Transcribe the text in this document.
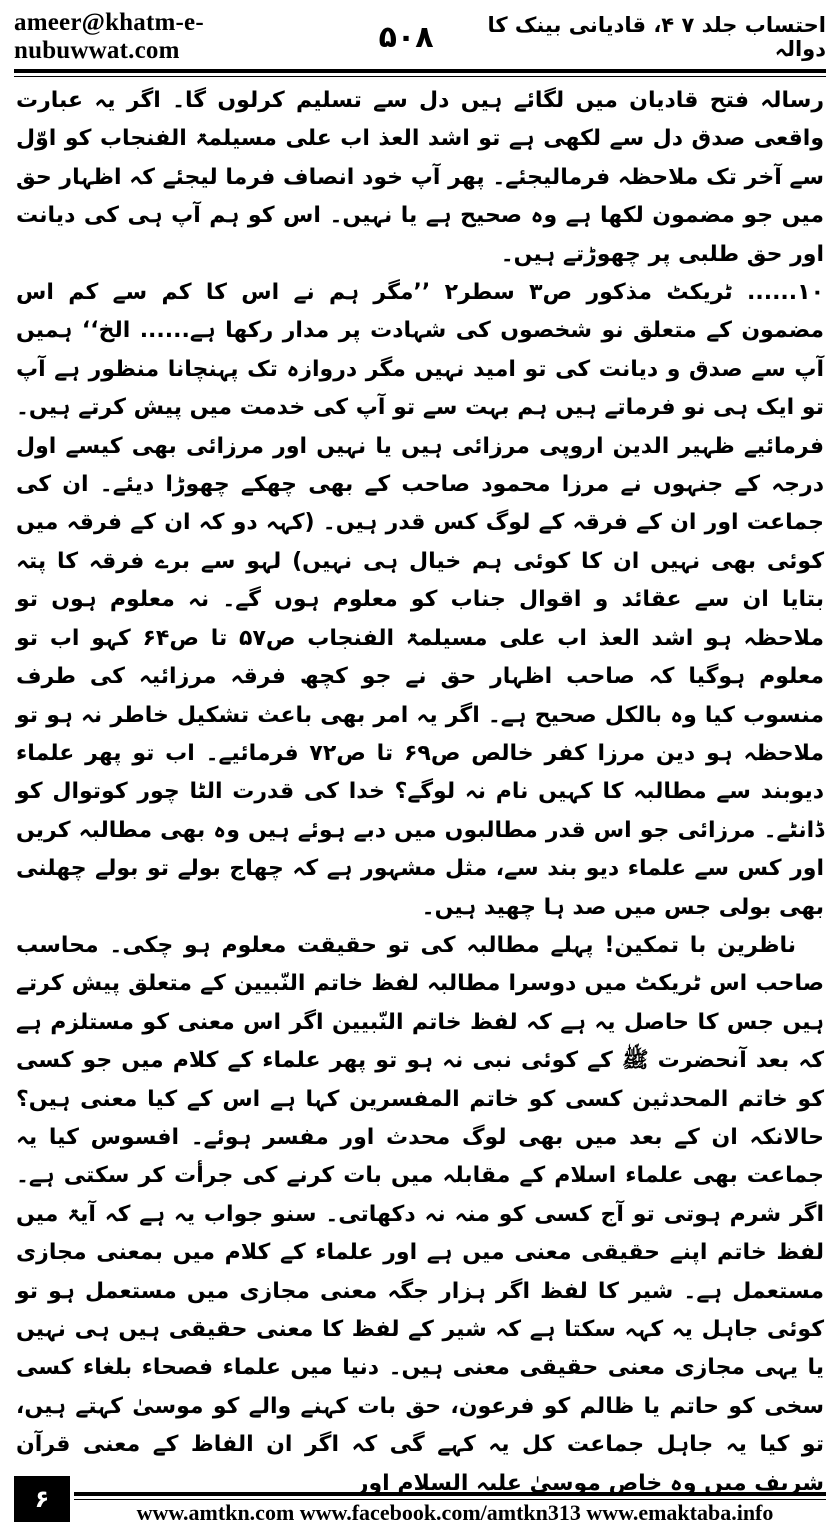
ameer@khatm-e-nubuwwat.com	۵۰۸	احتساب جلد ۷ ۴، قادیانی بینک کا دوالہ

رسالہ فتح قادیان میں لگائے ہیں دل سے تسلیم کرلوں گا۔ اگر یہ عبارت واقعی صدق دل سے لکھی ہے تو اشد العذ اب علی مسیلمۃ الفنجاب کو اوّل سے آخر تک ملاحظہ فرمالیجئے۔ پھر آپ خود انصاف فرما لیجئے کہ اظہار حق میں جو مضمون لکھا ہے وہ صحیح ہے یا نہیں۔ اس کو ہم آپ ہی کی دیانت اور حق طلبی پر چھوڑتے ہیں۔

۱۰...... ٹریکٹ مذکور ص۳ سطر۲ ’’مگر ہم نے اس کا کم سے کم اس مضمون کے متعلق نو شخصوں کی شہادت پر مدار رکھا ہے...... الخ‘‘ ہمیں آپ سے صدق و دیانت کی تو امید نہیں مگر دروازہ تک پہنچانا منظور ہے آپ تو ایک ہی نو فرماتے ہیں ہم بہت سے تو آپ کی خدمت میں پیش کرتے ہیں۔ فرمائیے ظہیر الدین اروپی مرزائی ہیں یا نہیں اور مرزائی بھی کیسے اول درجہ کے جنہوں نے مرزا محمود صاحب کے بھی چھکے چھوڑا دیئے۔ ان کی جماعت اور ان کے فرقہ کے لوگ کس قدر ہیں۔ (کہہ دو کہ ان کے فرقہ میں کوئی بھی نہیں ان کا کوئی ہم خیال ہی نہیں) لہو سے برے فرقہ کا پتہ بتایا ان سے عقائد و اقوال جناب کو معلوم ہوں گے۔ نہ معلوم ہوں تو ملاحظہ ہو اشد العذ اب علی مسیلمۃ الفنجاب ص۵۷ تا ص۶۴ کہو اب تو معلوم ہوگیا کہ صاحب اظہار حق نے جو کچھ فرقہ مرزائیہ کی طرف منسوب کیا وہ بالکل صحیح ہے۔ اگر یہ امر بھی باعث تشکیل خاطر نہ ہو تو ملاحظہ ہو دین مرزا کفر خالص ص۶۹ تا ص۷۲ فرمائیے۔ اب تو پھر علماء دیوبند سے مطالبہ کا کہیں نام نہ لوگے؟ خدا کی قدرت الٹا چور کوتوال کو ڈانٹے۔ مرزائی جو اس قدر مطالبوں میں دبے ہوئے ہیں وہ بھی مطالبہ کریں اور کس سے علماء دیو بند سے، مثل مشہور ہے کہ چھاج بولے تو بولے چھلنی بھی بولی جس میں صد ہا چھید ہیں۔

ناظرین با تمکین! پہلے مطالبہ کی تو حقیقت معلوم ہو چکی۔ محاسب صاحب اس ٹریکٹ میں دوسرا مطالبہ لفظ خاتم النّبیین کے متعلق پیش کرتے ہیں جس کا حاصل یہ ہے کہ لفظ خاتم النّبیین اگر اس معنی کو مستلزم ہے کہ بعد آنحضرت ﷺ کے کوئی نبی نہ ہو تو پھر علماء کے کلام میں جو کسی کو خاتم المحدثین کسی کو خاتم المفسرین کہا ہے اس کے کیا معنی ہیں؟ حالانکہ ان کے بعد میں بھی لوگ محدث اور مفسر ہوئے۔ افسوس کیا یہ جماعت بھی علماء اسلام کے مقابلہ میں بات کرنے کی جرأت کر سکتی ہے۔ اگر شرم ہوتی تو آج کسی کو منہ نہ دکھاتی۔ سنو جواب یہ ہے کہ آیۃ میں لفظ خاتم اپنے حقیقی معنی میں ہے اور علماء کے کلام میں بمعنی مجازی مستعمل ہے۔ شیر کا لفظ اگر ہزار جگہ معنی مجازی میں مستعمل ہو تو کوئی جاہل یہ کہہ سکتا ہے کہ شیر کے لفظ کا معنی حقیقی ہیں ہی نہیں یا یہی مجازی معنی حقیقی معنی ہیں۔ دنیا میں علماء فصحاء بلغاء کسی سخی کو حاتم یا ظالم کو فرعون، حق بات کہنے والے کو موسیٰ کہتے ہیں، تو کیا یہ جاہل جماعت کل یہ کہے گی کہ اگر ان الفاظ کے معنی قرآن شریف میں وہ خاص موسیٰ علیہ السلام اور

۶	www.amtkn.com www.facebook.com/amtkn313 www.emaktaba.info
